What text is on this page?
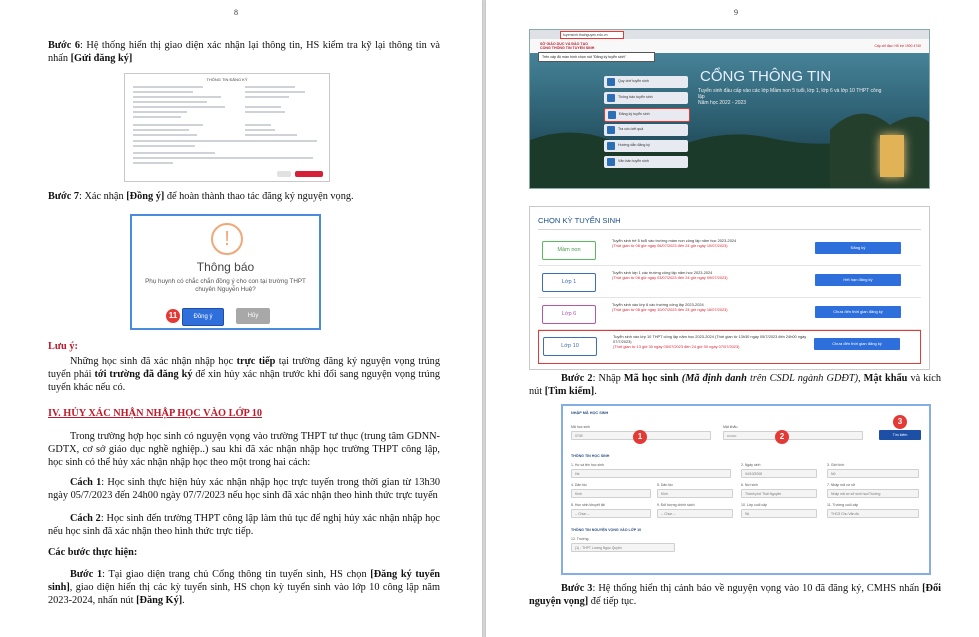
8
Bước 6: Hệ thống hiển thị giao diện xác nhận lại thông tin, HS kiểm tra kỹ lại thông tin và nhấn [Gửi đăng ký]
THÔNG TIN ĐĂNG KÝ
Bước 7: Xác nhận [Đồng ý] để hoàn thành thao tác đăng ký nguyện vọng.
!
Thông báo
Phụ huynh có chắc chắn đồng ý cho con tại trường THPT chuyên Nguyễn Huệ?
11	Đồng ý	Hủy
Lưu ý:
Những học sinh đã xác nhận nhập học trực tiếp tại trường đăng ký nguyện vọng trúng tuyển phải tới trường đã đăng ký để xin hủy xác nhận trước khi đổi sang nguyện vọng trúng tuyển khác nếu có.
IV. HỦY XÁC NHẬN NHẬP HỌC VÀO LỚP 10
Trong trường hợp học sinh có nguyện vọng vào trường THPT tư thục (trung tâm GDNN-GDTX, cơ sở giáo dục nghề nghiệp..) sau khi đã xác nhận nhập học trường THPT công lập, học sinh có thể hủy xác nhận nhập học theo một trong hai cách:
Cách 1: Học sinh thực hiện hủy xác nhận nhập học trực tuyến trong thời gian từ 13h30 ngày 05/7/2023 đến 24h00 ngày 07/7/2023 nếu học sinh đã xác nhận theo hình thức trực tuyến
Cách 2: Học sinh đến trường THPT công lập làm thủ tục để nghị hủy xác nhận nhập học nếu học sinh đã xác nhận theo hình thức trực tiếp.
Các bước thực hiện:
Bước 1: Tại giao diện trang chủ Cổng thông tin tuyển sinh, HS chọn [Đăng ký tuyển sinh], giao diện hiển thị các kỳ tuyển sinh, HS chọn kỳ tuyển sinh vào lớp 10 công lập năm 2023-2024, nhấn nút [Đăng Ký].
9
tuyensinh.thainguyen.edu.vn
SỞ GIÁO DỤC VÀ ĐÀO TẠO
CỔNG THÔNG TIN TUYỂN SINH	Cấp chỉ đạo: Hỗ trợ 1900 4740
Trên cấp độ màn hình chọn nút "Đăng ký tuyển sinh"
Quy chế tuyển sinh
Thông báo tuyển sinh
Đăng ký tuyển sinh
Tra cứu kết quả
Hướng dẫn đăng ký
Văn bản tuyển sinh
CỔNG THÔNG TIN
Tuyển sinh đầu cấp vào các lớp Mầm non 5 tuổi, lớp 1, lớp 6 và lớp 10 THPT công lập
Năm học 2022 - 2023
CHỌN KỲ TUYỂN SINH
Mầm non
Tuyển sinh trẻ 5 tuổi vào trường mầm non công lập năm học 2023-2024
(Thời gian từ 08 giờ ngày 06/07/2023 đến 24 giờ ngày 10/07/2023)	Đăng ký
Lớp 1
Tuyển sinh lớp 1 các trường công lập năm học 2023-2024
(Thời gian từ 08 giờ ngày 03/07/2023 đến 24 giờ ngày 09/07/2023)	Hết hạn đăng ký
Lớp 6
Tuyển sinh vào lớp 6 các trường công lập 2023-2024
(Thời gian từ 08 giờ ngày 10/07/2023 đến 24 giờ ngày 16/07/2023)	Chưa đến thời gian đăng ký
Lớp 10
Tuyển sinh vào lớp 10 THPT công lập năm học 2023-2024 (Thời gian từ 13h30 ngày 05/7/2023 đến 24h00 ngày 07/7/2023)
(Thời gian từ 13 giờ 30 ngày 05/07/2023 đến 24 giờ 00 ngày 07/07/2023)
Chưa đến thời gian đăng ký
Bước 2: Nhập Mã học sinh (Mã định danh trên CSDL ngành GDĐT), Mật khẩu và kích nút [Tìm kiếm].
NHẬP MÃ HỌC SINH
Mã học sinh
0749	1
Mật khẩu
••••••••	2
3
Tìm kiếm
THÔNG TIN HỌC SINH
1. Họ và tên học sinh
Hà
2. Ngày sinh
04/10/2008
3. Giới tính
Nữ
4. Dân tộc
Kinh
5. Dân tộc
Kinh
6. Nơi sinh
Thành phố Thái Nguyên
7. Nhập mã cơ sở
Nhập mã cơ sở sinh học/Trường
8. Học sinh khuyết tật
-- Chọn --
9. Đối tượng chính sách
-- Chọn --
10. Lớp cuối cấp
9A
11. Trường cuối cấp
THCS Chu Văn An
THÔNG TIN NGUYỆN VỌNG VÀO LỚP 10
12. Trường
(1) - THPT Lương Ngọc Quyến
Bước 3: Hệ thống hiển thị cảnh báo về nguyện vọng vào 10 đã đăng ký, CMHS nhấn [Đổi nguyện vọng] để tiếp tục.
